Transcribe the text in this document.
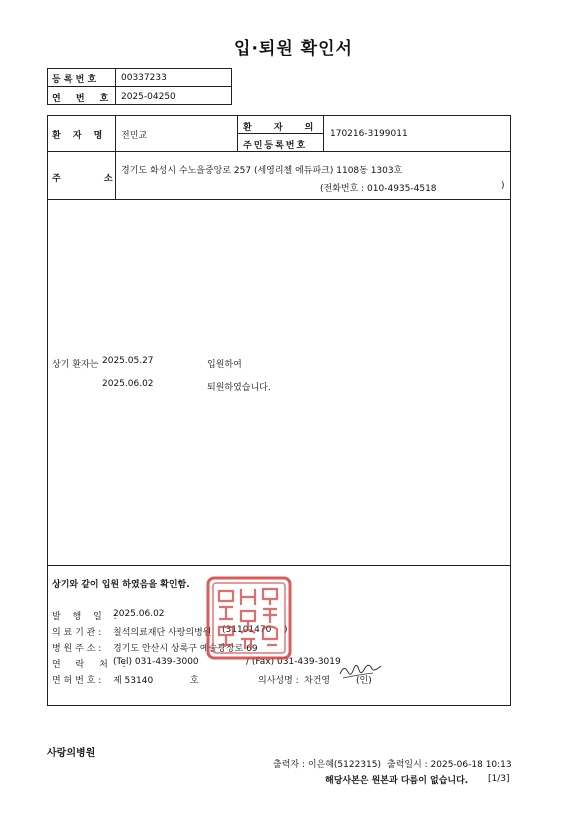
입·퇴원 확인서
등 록 번 호	00337233
연 번 호 2025-04250
환 자 명 전민교
환 자 의
주민등록번호
170216-3199011
주 소
경기도 화성시 수노을중앙로 257 (세영리첼 에듀파크) 1108동 1303호
(전화번호 : 010-4935-4518	)
상기 환자는 2025.05.27	입원하여
2025.06.02	퇴원하였습니다.
상기와 같이 입원 하였음을 확인함.
발 행 일 :
2025.06.02
의 료 기 관 : 칠석의료재단 사랑의병원 (31101470 )
병 원 주 소 : 경기도 안산시 상록구 예술광장로 69
연 락 처 :
(Tel) 031-439-3000	/ (Fax) 031-439-3019
면 허 번 호 : 제 53140	호	의사성명 : 차건영	(인)
사랑의병원
출력자 : 이은혜(5122315) 출력일시 : 2025-06-18 10:13
해당사본은 원본과 다름이 없습니다. [1/3]
